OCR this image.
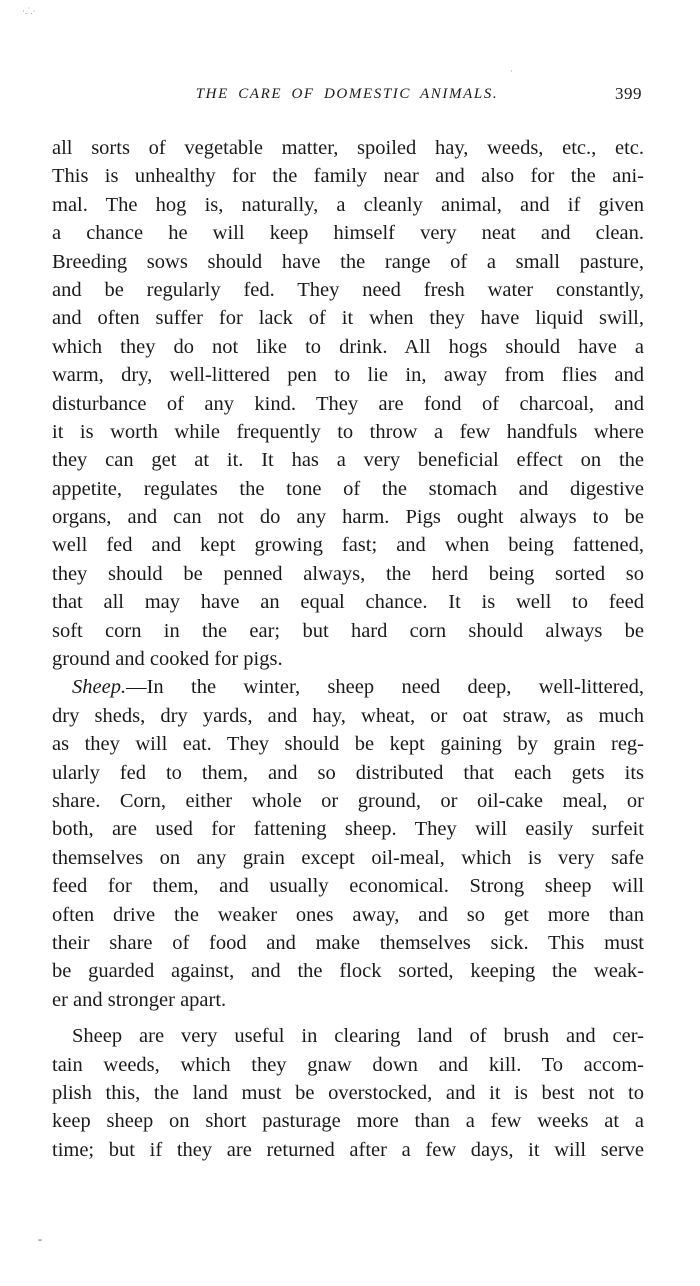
·.˙.·
·
-
THE CARE OF DOMESTIC ANIMALS.	399
all sorts of vegetable matter, spoiled hay, weeds, etc., etc.
This is unhealthy for the family near and also for the ani-
mal. The hog is, naturally, a cleanly animal, and if given
a chance he will keep himself very neat and clean.
Breeding sows should have the range of a small pasture,
and be regularly fed. They need fresh water constantly,
and often suffer for lack of it when they have liquid swill,
which they do not like to drink. All hogs should have a
warm, dry, well-littered pen to lie in, away from flies and
disturbance of any kind. They are fond of charcoal, and
it is worth while frequently to throw a few handfuls where
they can get at it. It has a very beneficial effect on the
appetite, regulates the tone of the stomach and digestive
organs, and can not do any harm. Pigs ought always to be
well fed and kept growing fast; and when being fattened,
they should be penned always, the herd being sorted so
that all may have an equal chance. It is well to feed
soft corn in the ear; but hard corn should always be
ground and cooked for pigs.
Sheep.—In the winter, sheep need deep, well-littered,
dry sheds, dry yards, and hay, wheat, or oat straw, as much
as they will eat. They should be kept gaining by grain reg-
ularly fed to them, and so distributed that each gets its
share. Corn, either whole or ground, or oil-cake meal, or
both, are used for fattening sheep. They will easily surfeit
themselves on any grain except oil-meal, which is very safe
feed for them, and usually economical. Strong sheep will
often drive the weaker ones away, and so get more than
their share of food and make themselves sick. This must
be guarded against, and the flock sorted, keeping the weak-
er and stronger apart.
Sheep are very useful in clearing land of brush and cer-
tain weeds, which they gnaw down and kill. To accom-
plish this, the land must be overstocked, and it is best not to
keep sheep on short pasturage more than a few weeks at a
time; but if they are returned after a few days, it will serve
